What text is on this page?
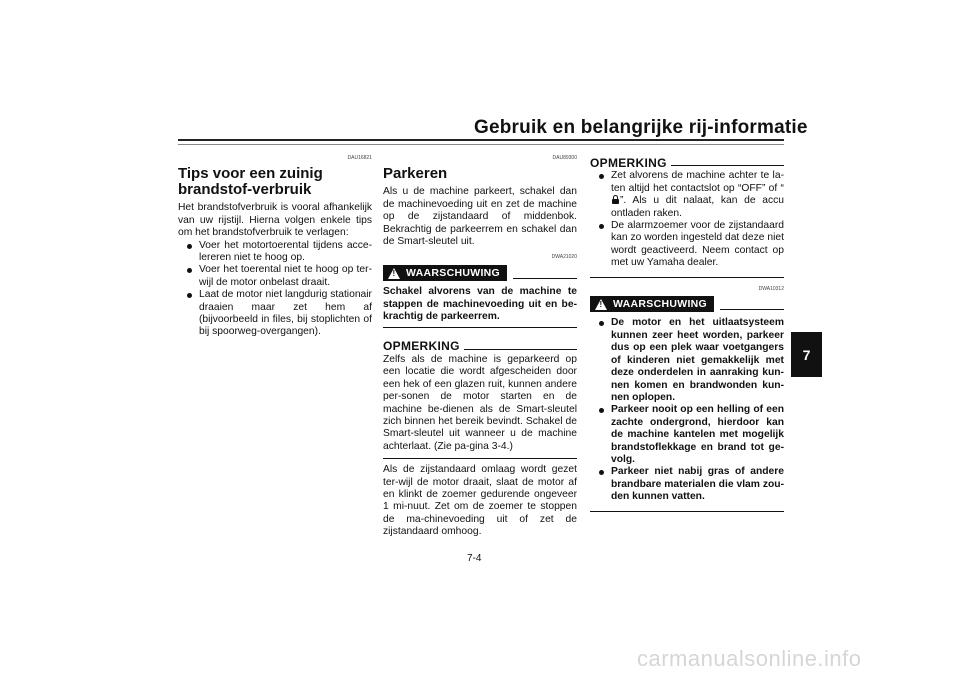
Gebruik en belangrijke rij-informatie
7
DAU16821
Tips voor een zuinig brandstof-verbruik

Het brandstofverbruik is vooral afhankelijk van uw rijstijl. Hierna volgen enkele tips om het brandstofverbruik te verlagen:

Voer het motortoerental tijdens acce-lereren niet te hoog op.
Voer het toerental niet te hoog op ter-wijl de motor onbelast draait.
Laat de motor niet langdurig stationair draaien maar zet hem af (bijvoorbeeld in files, bij stoplichten of bij spoorweg-overgangen).
DAU89300
Parkeren

Als u de machine parkeert, schakel dan de machinevoeding uit en zet de machine op de zijstandaard of middenbok. Bekrachtig de parkeerrem en schakel dan de Smart-sleutel uit.

DWA21020
! WAARSCHUWING

Schakel alvorens van de machine te stappen de machinevoeding uit en be-krachtig de parkeerrem.

OPMERKING

Zelfs als de machine is geparkeerd op een locatie die wordt afgescheiden door een hek of een glazen ruit, kunnen andere per-sonen de motor starten en de machine be-dienen als de Smart-sleutel zich binnen het bereik bevindt. Schakel de Smart-sleutel uit wanneer u de machine achterlaat. (Zie pa-gina 3-4.)

Als de zijstandaard omlaag wordt gezet ter-wijl de motor draait, slaat de motor af en klinkt de zoemer gedurende ongeveer 1 mi-nuut. Zet om de zoemer te stoppen de ma-chinevoeding uit of zet de zijstandaard omhoog.

OPMERKING
Zet alvorens de machine achter te la-ten altijd het contactslot op “OFF” of “”. Als u dit nalaat, kan de accu ontladen raken.
De alarmzoemer voor de zijstandaard kan zo worden ingesteld dat deze niet wordt geactiveerd. Neem contact op met uw Yamaha dealer.
DWA10312
! WAARSCHUWING
De motor en het uitlaatsysteem kunnen zeer heet worden, parkeer dus op een plek waar voetgangers of kinderen niet gemakkelijk met deze onderdelen in aanraking kun-nen komen en brandwonden kun-nen oplopen.
Parkeer nooit op een helling of een zachte ondergrond, hierdoor kan de machine kantelen met mogelijk brandstoflekkage en brand tot ge-volg.
Parkeer niet nabij gras of andere brandbare materialen die vlam zou-den kunnen vatten.
7-4
carmanualsonline.info
